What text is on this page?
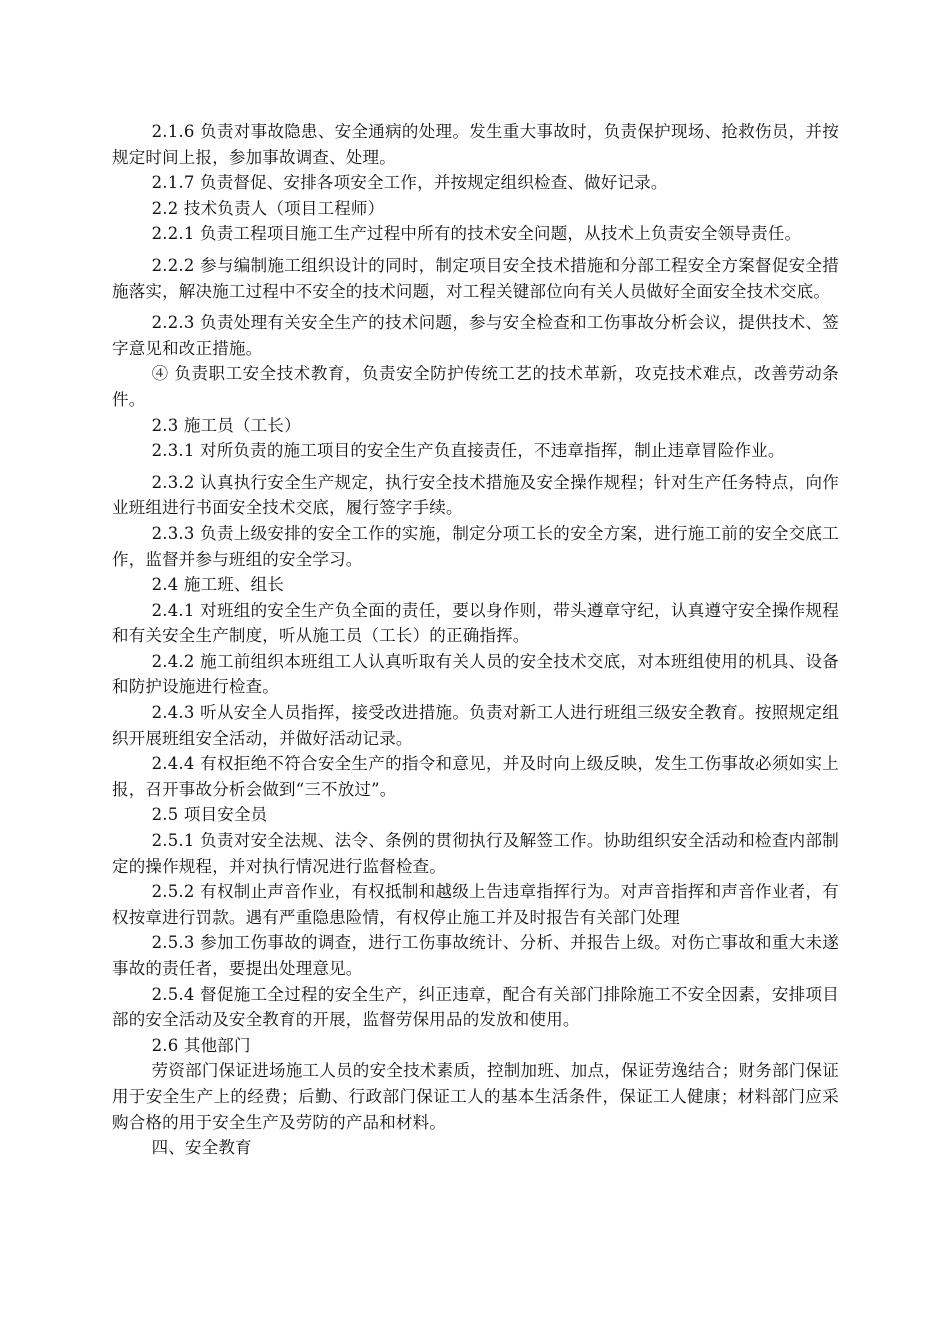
2.1.6 负责对事故隐患、安全通病的处理。发生重大事故时，负责保护现场、抢救伤员，并按规定时间上报，参加事故调查、处理。

2.1.7 负责督促、安排各项安全工作，并按规定组织检查、做好记录。

2.2 技术负责人（项目工程师）

2.2.1 负责工程项目施工生产过程中所有的技术安全问题，从技术上负责安全领导责任。

2.2.2 参与编制施工组织设计的同时，制定项目安全技术措施和分部工程安全方案督促安全措施落实，解决施工过程中不安全的技术问题，对工程关键部位向有关人员做好全面安全技术交底。

2.2.3 负责处理有关安全生产的技术问题，参与安全检查和工伤事故分析会议，提供技术、签字意见和改正措施。

④ 负责职工安全技术教育，负责安全防护传统工艺的技术革新，攻克技术难点，改善劳动条件。

2.3 施工员（工长）

2.3.1 对所负责的施工项目的安全生产负直接责任，不违章指挥，制止违章冒险作业。

2.3.2 认真执行安全生产规定，执行安全技术措施及安全操作规程；针对生产任务特点，向作业班组进行书面安全技术交底，履行签字手续。

2.3.3 负责上级安排的安全工作的实施，制定分项工长的安全方案，进行施工前的安全交底工作，监督并参与班组的安全学习。

2.4 施工班、组长

2.4.1 对班组的安全生产负全面的责任，要以身作则，带头遵章守纪，认真遵守安全操作规程和有关安全生产制度，听从施工员（工长）的正确指挥。

2.4.2 施工前组织本班组工人认真听取有关人员的安全技术交底，对本班组使用的机具、设备和防护设施进行检查。

2.4.3 听从安全人员指挥，接受改进措施。负责对新工人进行班组三级安全教育。按照规定组织开展班组安全活动，并做好活动记录。

2.4.4 有权拒绝不符合安全生产的指令和意见，并及时向上级反映，发生工伤事故必须如实上报，召开事故分析会做到“三不放过”。

2.5 项目安全员

2.5.1 负责对安全法规、法令、条例的贯彻执行及解签工作。协助组织安全活动和检查内部制定的操作规程，并对执行情况进行监督检查。

2.5.2 有权制止声音作业，有权抵制和越级上告违章指挥行为。对声音指挥和声音作业者，有权按章进行罚款。遇有严重隐患险情，有权停止施工并及时报告有关部门处理

2.5.3 参加工伤事故的调查，进行工伤事故统计、分析、并报告上级。对伤亡事故和重大未遂事故的责任者，要提出处理意见。

2.5.4 督促施工全过程的安全生产，纠正违章，配合有关部门排除施工不安全因素，安排项目部的安全活动及安全教育的开展，监督劳保用品的发放和使用。

2.6 其他部门

劳资部门保证进场施工人员的安全技术素质，控制加班、加点，保证劳逸结合；财务部门保证用于安全生产上的经费；后勤、行政部门保证工人的基本生活条件，保证工人健康；材料部门应采购合格的用于安全生产及劳防的产品和材料。

四、安全教育
